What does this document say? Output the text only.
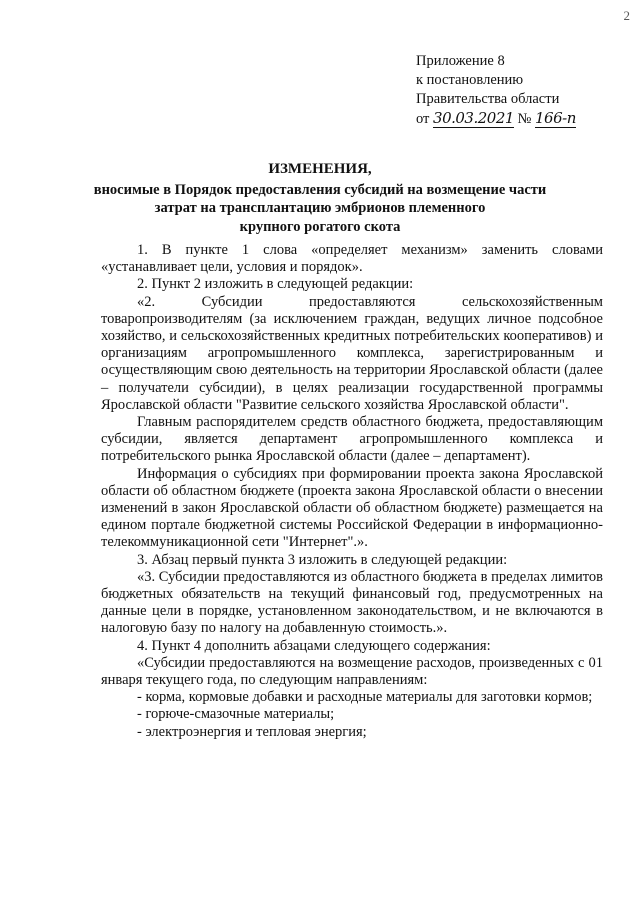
2
Приложение 8
к постановлению
Правительства области
от 30.03.2021 № 166-п
ИЗМЕНЕНИЯ,
вносимые в Порядок предоставления субсидий на возмещение части
затрат на трансплантацию эмбрионов племенного
крупного рогатого скота

1. В пункте 1 слова «определяет механизм» заменить словами «устанавливает цели, условия и порядок».

2. Пункт 2 изложить в следующей редакции:

«2. Субсидии предоставляются сельскохозяйственным товаропроизводителям (за исключением граждан, ведущих личное подсобное хозяйство, и сельскохозяйственных кредитных потребительских кооперативов) и организациям агропромышленного комплекса, зарегистрированным и осуществляющим свою деятельность на территории Ярославской области (далее – получатели субсидии), в целях реализации государственной программы Ярославской области "Развитие сельского хозяйства Ярославской области".

Главным распорядителем средств областного бюджета, предоставляющим субсидии, является департамент агропромышленного комплекса и потребительского рынка Ярославской области (далее – департамент).

Информация о субсидиях при формировании проекта закона Ярославской области об областном бюджете (проекта закона Ярославской области о внесении изменений в закон Ярославской области об областном бюджете) размещается на едином портале бюджетной системы Российской Федерации в информационно-телекоммуникационной сети "Интернет".».

3. Абзац первый пункта 3 изложить в следующей редакции:

«3. Субсидии предоставляются из областного бюджета в пределах лимитов бюджетных обязательств на текущий финансовый год, предусмотренных на данные цели в порядке, установленном законодательством, и не включаются в налоговую базу по налогу на добавленную стоимость.».

4. Пункт 4 дополнить абзацами следующего содержания:

«Субсидии предоставляются на возмещение расходов, произведенных с 01 января текущего года, по следующим направлениям:

- корма, кормовые добавки и расходные материалы для заготовки кормов;

- горюче-смазочные материалы;

- электроэнергия и тепловая энергия;
